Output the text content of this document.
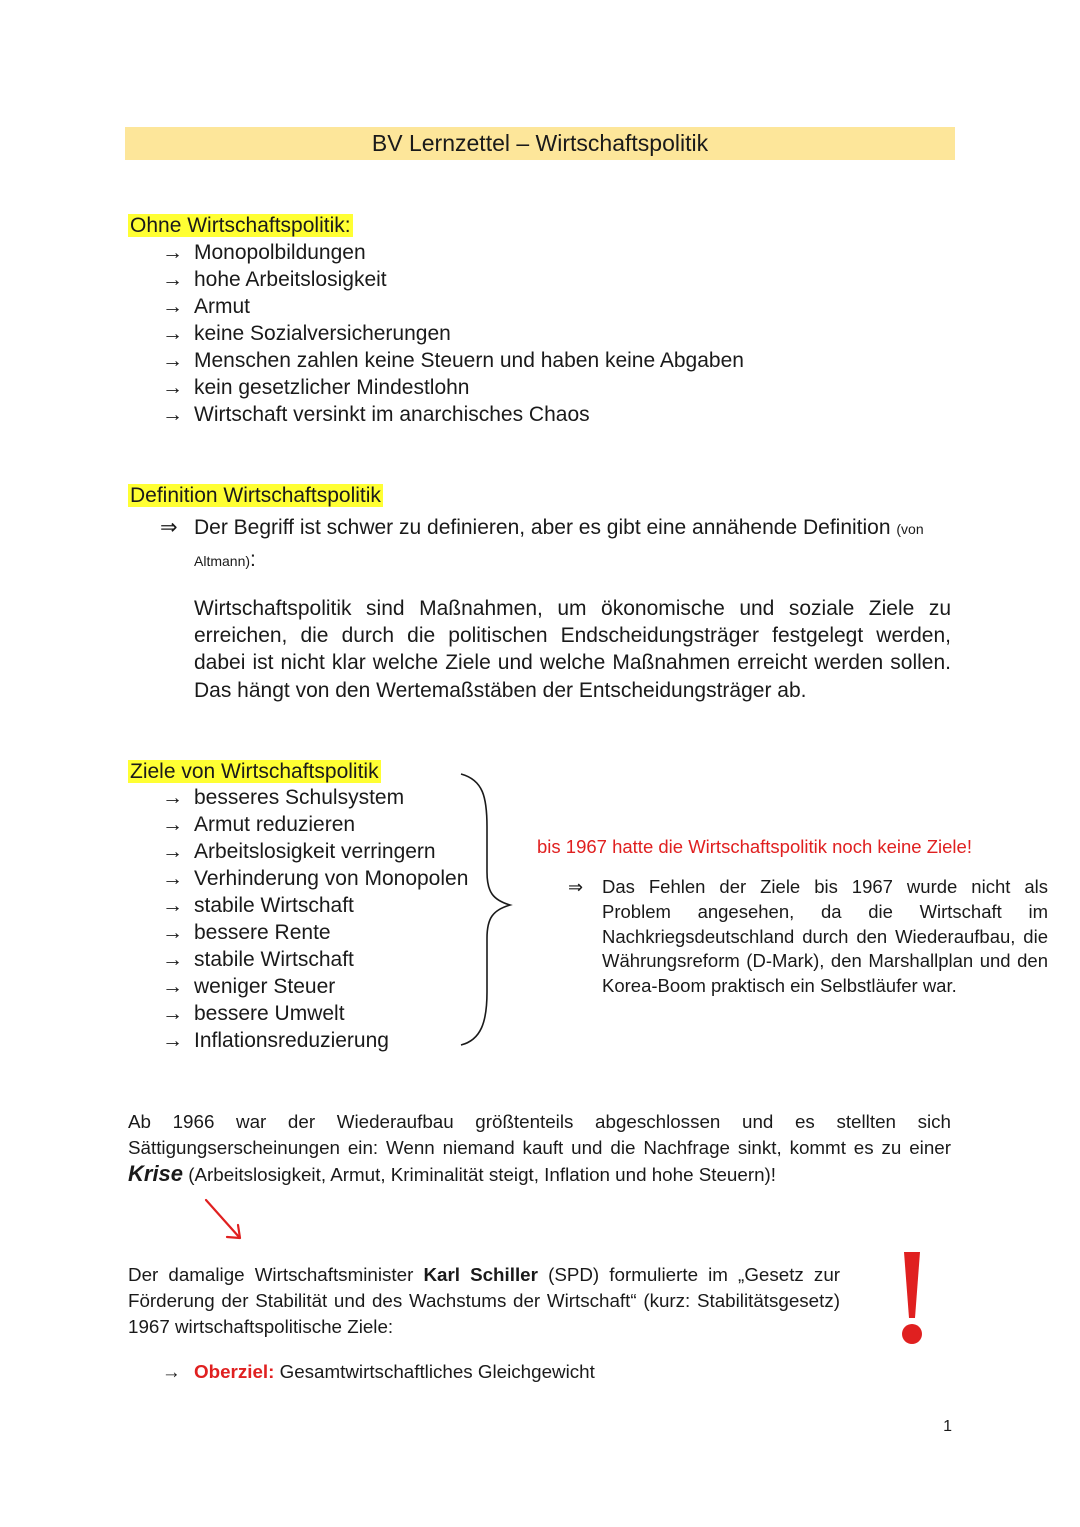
BV Lernzettel – Wirtschaftspolitik
Ohne Wirtschaftspolitik:
→ Monopolbildungen
→ hohe Arbeitslosigkeit
→ Armut
→ keine Sozialversicherungen
→ Menschen zahlen keine Steuern und haben keine Abgaben
→ kein gesetzlicher Mindestlohn
→ Wirtschaft versinkt im anarchisches Chaos
Definition Wirtschaftspolitik
⇒ Der Begriff ist schwer zu definieren, aber es gibt eine annähende Definition (von
Altmann):
Wirtschaftspolitik sind Maßnahmen, um ökonomische und soziale Ziele zu erreichen, die durch die politischen Endscheidungsträger festgelegt werden, dabei ist nicht klar welche Ziele und welche Maßnahmen erreicht werden sollen. Das hängt von den Wertemaßstäben der Entscheidungsträger ab.
Ziele von Wirtschaftspolitik
→ besseres Schulsystem
→ Armut reduzieren
→ Arbeitslosigkeit verringern
→ Verhinderung von Monopolen
→ stabile Wirtschaft
→ bessere Rente
→ stabile Wirtschaft
→ weniger Steuer
→ bessere Umwelt
→ Inflationsreduzierung
bis 1967 hatte die Wirtschaftspolitik noch keine Ziele!
⇒ Das Fehlen der Ziele bis 1967 wurde nicht als Problem angesehen, da die Wirtschaft im Nachkriegsdeutschland durch den Wiederaufbau, die Währungsreform (D-Mark), den Marshallplan und den Korea-Boom praktisch ein Selbstläufer war.
Ab 1966 war der Wiederaufbau größtenteils abgeschlossen und es stellten sich Sättigungserscheinungen ein: Wenn niemand kauft und die Nachfrage sinkt, kommt es zu einer Krise (Arbeitslosigkeit, Armut, Kriminalität steigt, Inflation und hohe Steuern)!
Der damalige Wirtschaftsminister Karl Schiller (SPD) formulierte im „Gesetz zur Förderung der Stabilität und des Wachstums der Wirtschaft“ (kurz: Stabilitätsgesetz) 1967 wirtschaftspolitische Ziele:
→ Oberziel: Gesamtwirtschaftliches Gleichgewicht
1
